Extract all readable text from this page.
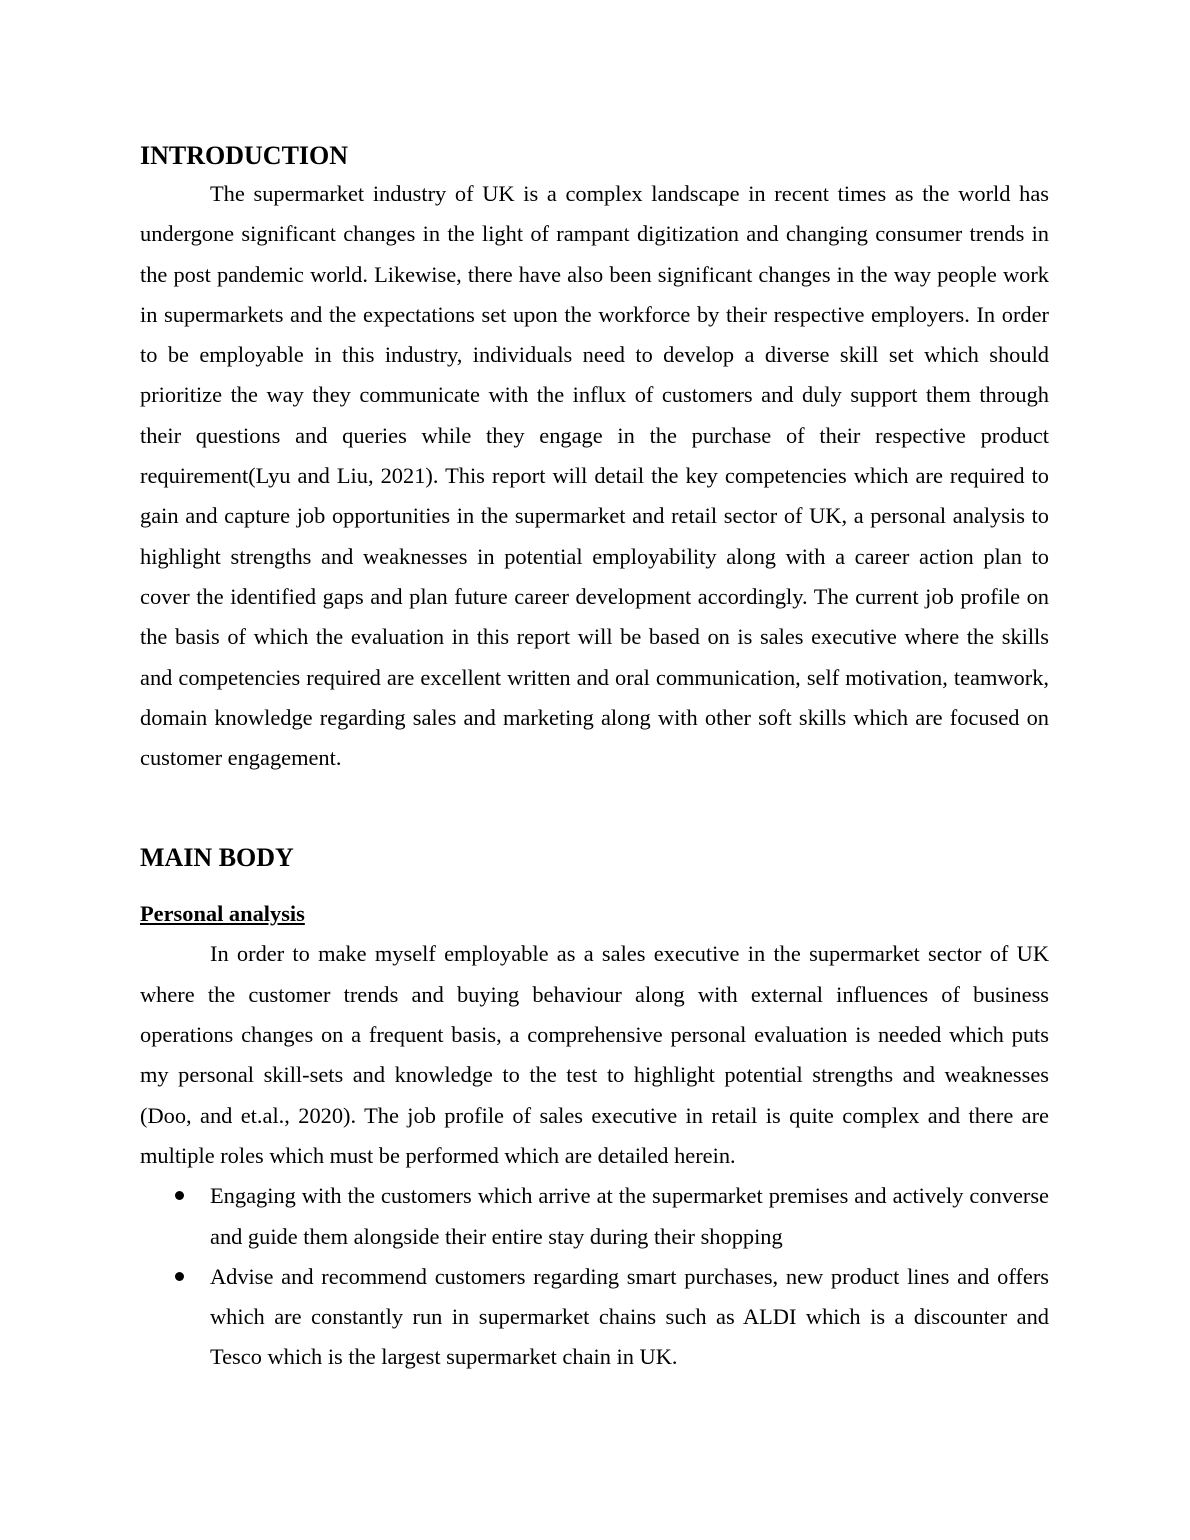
INTRODUCTION

The supermarket industry of UK is a complex landscape in recent times as the world has undergone significant changes in the light of rampant digitization and changing consumer trends in the post pandemic world. Likewise, there have also been significant changes in the way people work in supermarkets and the expectations set upon the workforce by their respective employers. In order to be employable in this industry, individuals need to develop a diverse skill set which should prioritize the way they communicate with the influx of customers and duly support them through their questions and queries while they engage in the purchase of their respective product requirement(Lyu and Liu, 2021). This report will detail the key competencies which are required to gain and capture job opportunities in the supermarket and retail sector of UK, a personal analysis to highlight strengths and weaknesses in potential employability along with a career action plan to cover the identified gaps and plan future career development accordingly. The current job profile on the basis of which the evaluation in this report will be based on is sales executive where the skills and competencies required are excellent written and oral communication, self motivation, teamwork, domain knowledge regarding sales and marketing along with other soft skills which are focused on customer engagement.

MAIN BODY
Personal analysis

In order to make myself employable as a sales executive in the supermarket sector of UK where the customer trends and buying behaviour along with external influences of business operations changes on a frequent basis, a comprehensive personal evaluation is needed which puts my personal skill-sets and knowledge to the test to highlight potential strengths and weaknesses (Doo, and et.al., 2020). The job profile of sales executive in retail is quite complex and there are multiple roles which must be performed which are detailed herein.

Engaging with the customers which arrive at the supermarket premises and actively converse and guide them alongside their entire stay during their shopping
Advise and recommend customers regarding smart purchases, new product lines and offers which are constantly run in supermarket chains such as ALDI which is a discounter and Tesco which is the largest supermarket chain in UK.
